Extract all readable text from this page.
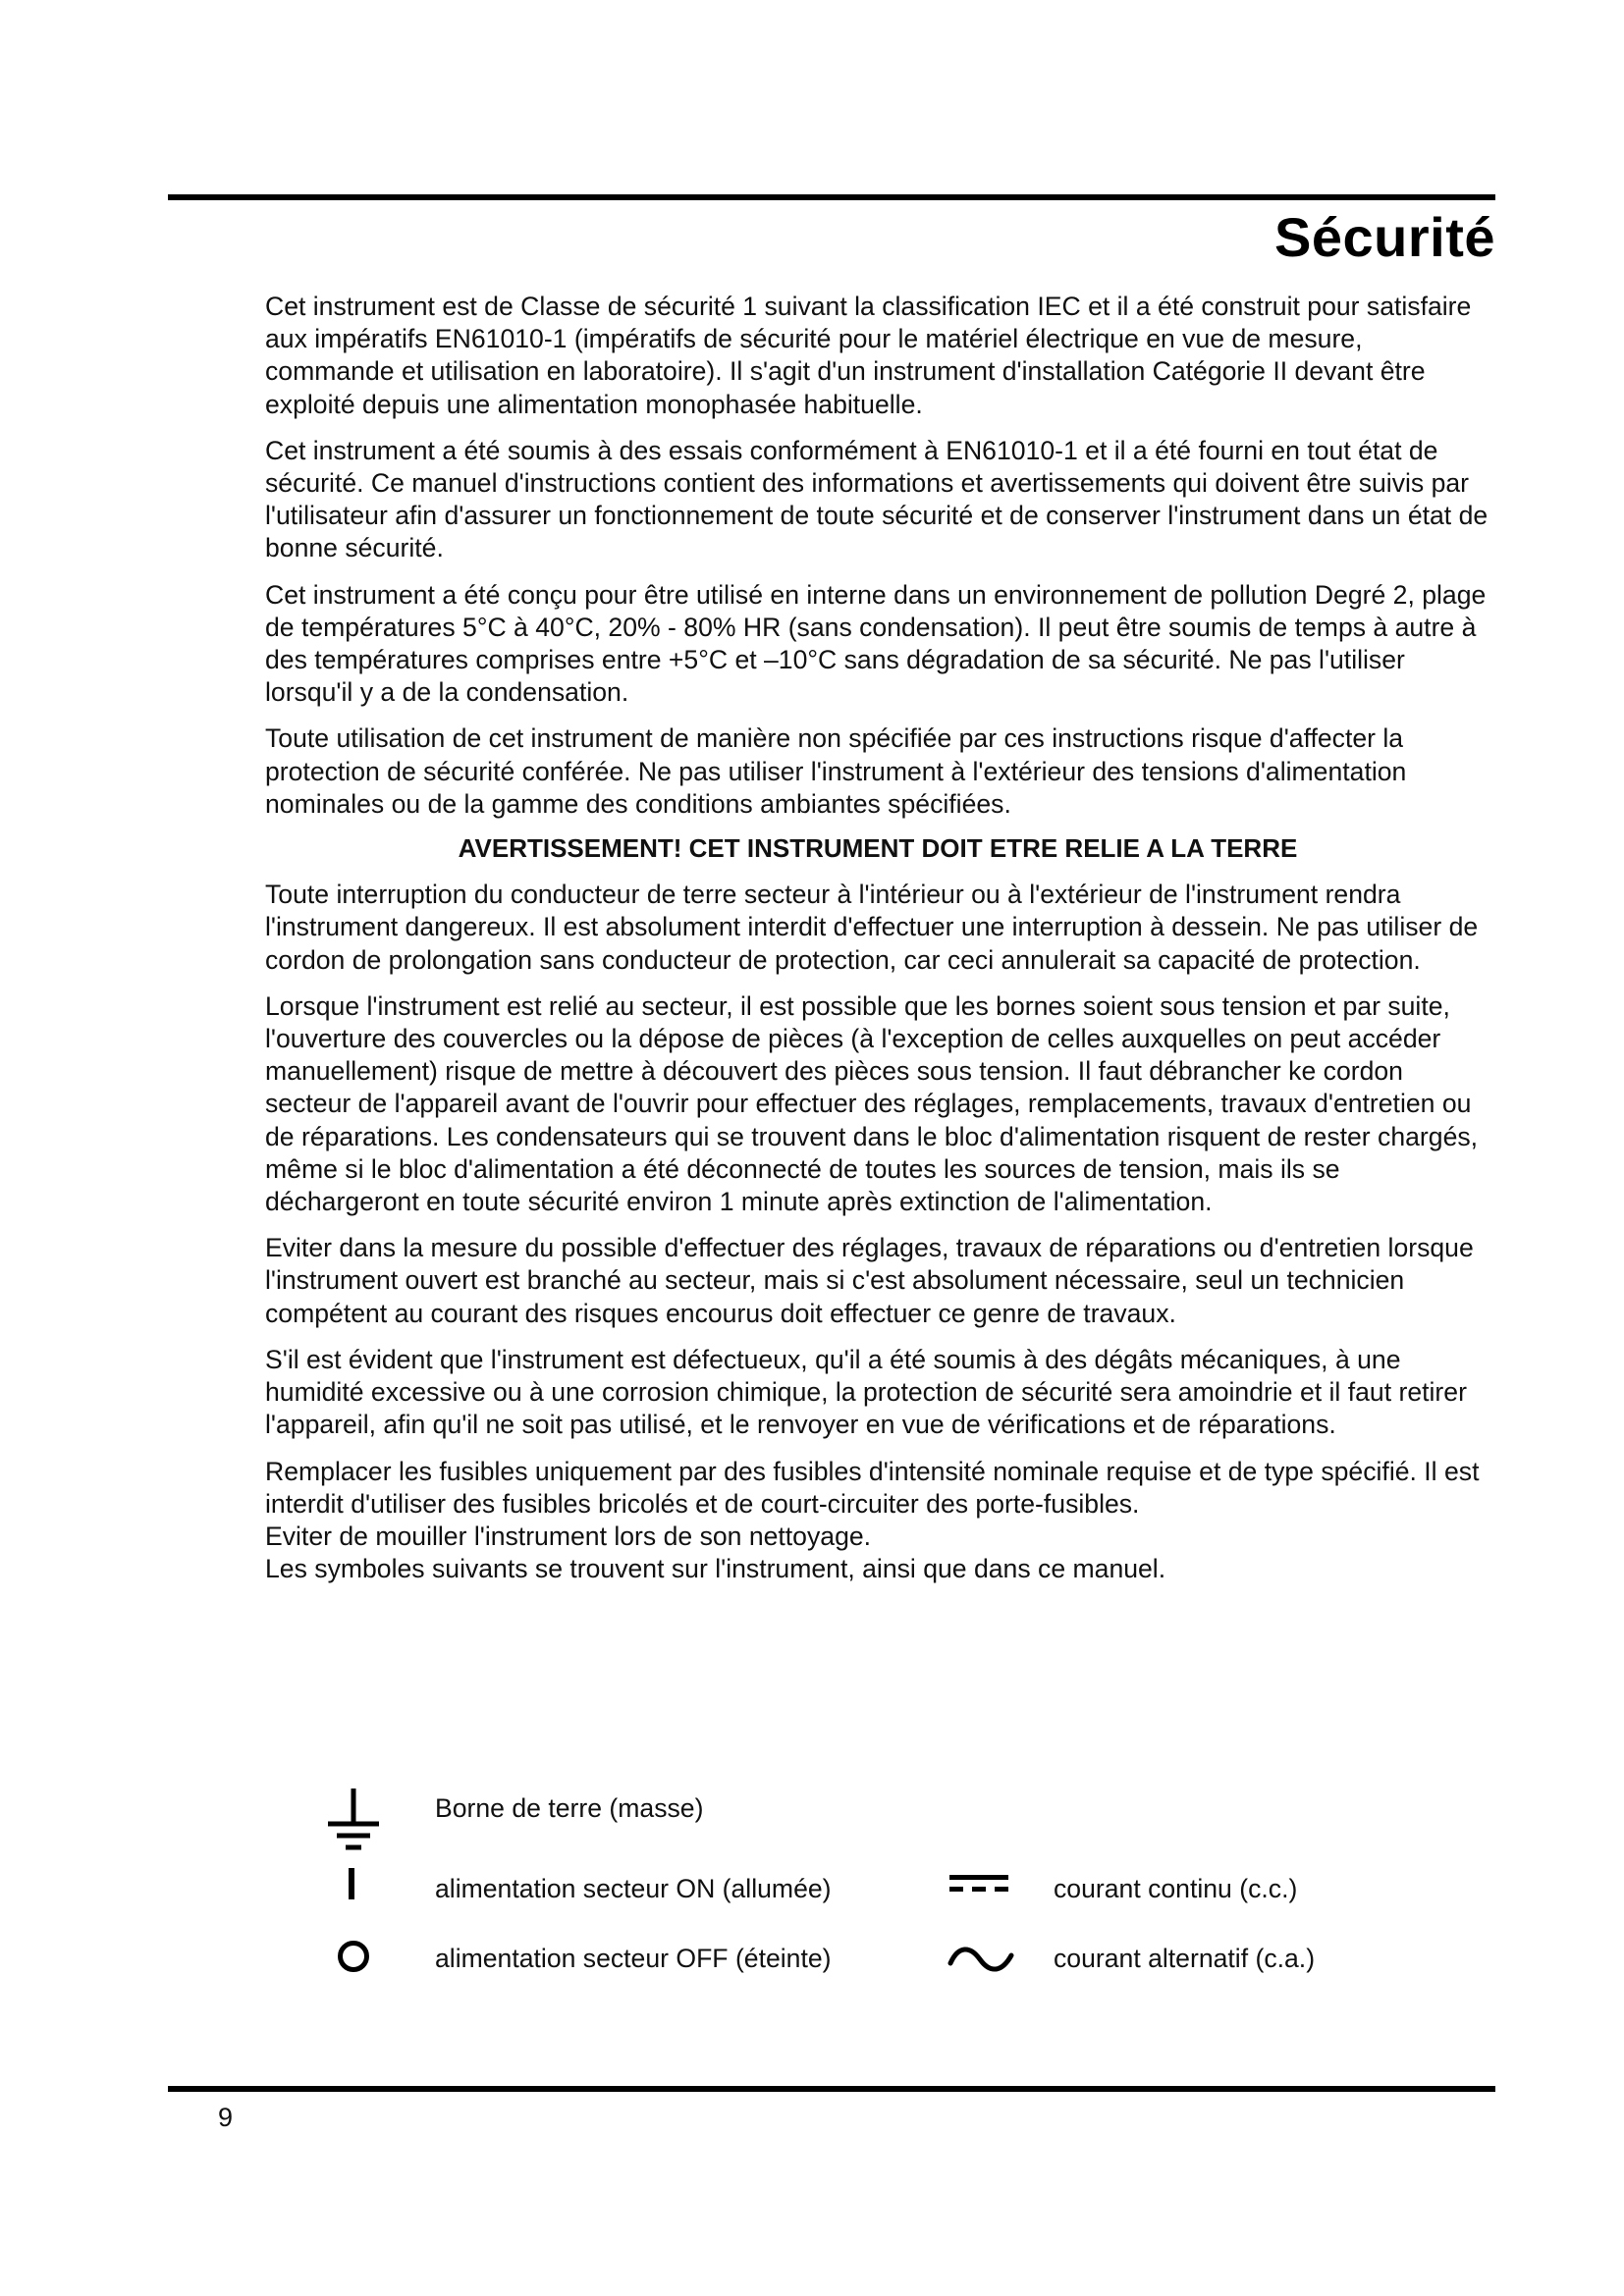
Sécurité

Cet instrument est de Classe de sécurité 1 suivant la classification IEC et il a été construit pour satisfaire aux impératifs EN61010-1 (impératifs de sécurité pour le matériel électrique en vue de mesure, commande et utilisation en laboratoire). Il s'agit d'un instrument d'installation Catégorie II devant être exploité depuis une alimentation monophasée habituelle.

Cet instrument a été soumis à des essais conformément à EN61010-1 et il a été fourni en tout état de sécurité. Ce manuel d'instructions contient des informations et avertissements qui doivent être suivis par l'utilisateur afin d'assurer un fonctionnement de toute sécurité et de conserver l'instrument dans un état de bonne sécurité.

Cet instrument a été conçu pour être utilisé en interne dans un environnement de pollution Degré 2, plage de températures 5°C à 40°C, 20% - 80% HR (sans condensation). Il peut être soumis de temps à autre à des températures comprises entre +5°C et –10°C sans dégradation de sa sécurité. Ne pas l'utiliser lorsqu'il y a de la condensation.

Toute utilisation de cet instrument de manière non spécifiée par ces instructions risque d'affecter la protection de sécurité conférée. Ne pas utiliser l'instrument à l'extérieur des tensions d'alimentation nominales ou de la gamme des conditions ambiantes spécifiées.

AVERTISSEMENT! CET INSTRUMENT DOIT ETRE RELIE A LA TERRE

Toute interruption du conducteur de terre secteur à l'intérieur ou à l'extérieur de l'instrument rendra l'instrument dangereux. Il est absolument interdit d'effectuer une interruption à dessein. Ne pas utiliser de cordon de prolongation sans conducteur de protection, car ceci annulerait sa capacité de protection.

Lorsque l'instrument est relié au secteur, il est possible que les bornes soient sous tension et par suite, l'ouverture des couvercles ou la dépose de pièces (à l'exception de celles auxquelles on peut accéder manuellement) risque de mettre à découvert des pièces sous tension. Il faut débrancher ke cordon secteur de l'appareil avant de l'ouvrir pour effectuer des réglages, remplacements, travaux d'entretien ou de réparations. Les condensateurs qui se trouvent dans le bloc d'alimentation risquent de rester chargés, même si le bloc d'alimentation a été déconnecté de toutes les sources de tension, mais ils se déchargeront en toute sécurité environ 1 minute après extinction de l'alimentation.

Eviter dans la mesure du possible d'effectuer des réglages, travaux de réparations ou d'entretien lorsque l'instrument ouvert est branché au secteur, mais si c'est absolument nécessaire, seul un technicien compétent au courant des risques encourus doit effectuer ce genre de travaux.

S'il est évident que l'instrument est défectueux, qu'il a été soumis à des dégâts mécaniques, à une humidité excessive ou à une corrosion chimique, la protection de sécurité sera amoindrie et il faut retirer l'appareil, afin qu'il ne soit pas utilisé, et le renvoyer en vue de vérifications et de réparations.

Remplacer les fusibles uniquement par des fusibles d'intensité nominale requise et de type spécifié. Il est interdit d'utiliser des fusibles bricolés et de court-circuiter des porte-fusibles.

Eviter de mouiller l'instrument lors de son nettoyage.

Les symboles suivants se trouvent sur l'instrument, ainsi que dans ce manuel.

Borne de terre (masse)
alimentation secteur ON (allumée)
alimentation secteur OFF (éteinte)
courant continu (c.c.)
courant alternatif (c.a.)
9
